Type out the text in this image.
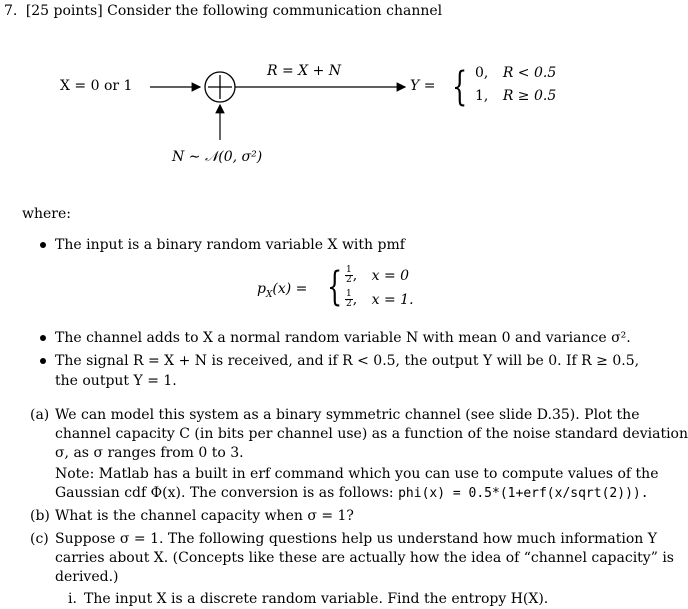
7. [25 points] Consider the following communication channel
X = 0 or 1
R = X + N
N ∼ 𝒩(0, σ²)
Y = { 0, R < 0.5
1, R ≥ 0.5
where:
The input is a binary random variable X with pmf
$p_X(x)$ = { $\frac{1}{2}$ , x = 0
$\frac{1}{2}$ , x = 1.
The channel adds to X a normal random variable N with mean 0 and variance σ².
The signal R = X + N is received, and if R < 0.5, the output Y will be 0. If R ≥ 0.5,
the output Y = 1.
(a) We can model this system as a binary symmetric channel (see slide D.35). Plot the
channel capacity C (in bits per channel use) as a function of the noise standard deviation
σ, as σ ranges from 0 to 3.
Note: Matlab has a built in erf command which you can use to compute values of the
Gaussian cdf Φ(x). The conversion is as follows: phi(x) = 0.5*(1+erf(x/sqrt(2))).
(b) What is the channel capacity when σ = 1?
(c) Suppose σ = 1. The following questions help us understand how much information Y
carries about X. (Concepts like these are actually how the idea of “channel capacity” is
derived.)
i. The input X is a discrete random variable. Find the entropy H(X).
